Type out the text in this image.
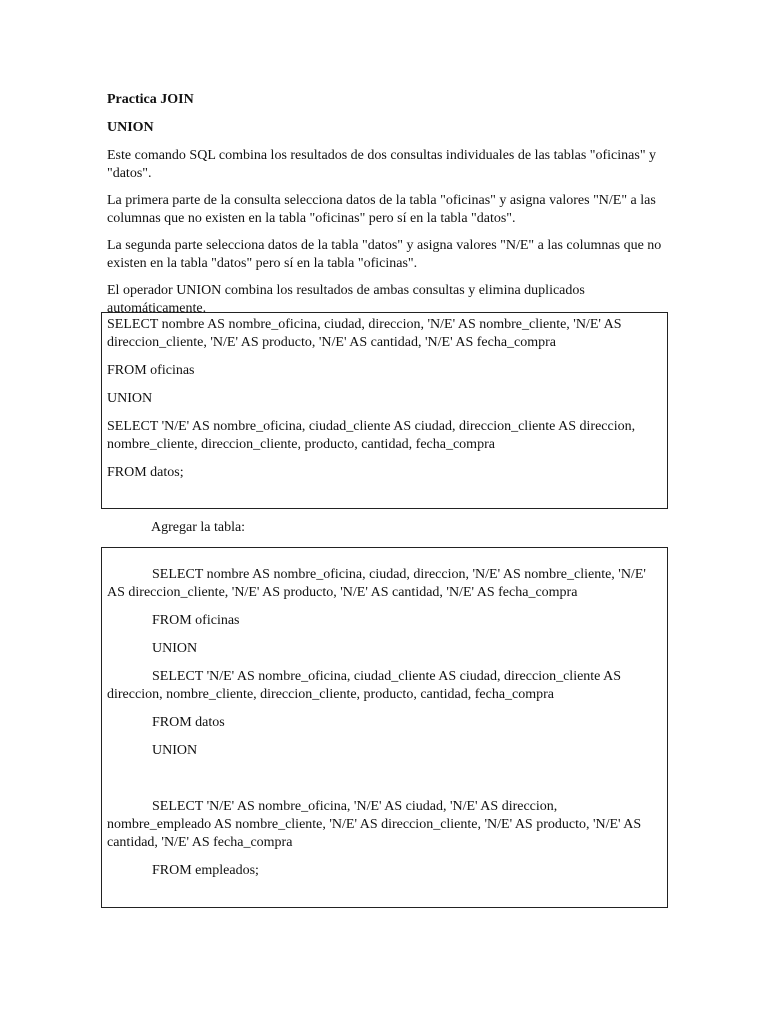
Practica JOIN

UNION

Este comando SQL combina los resultados de dos consultas individuales de las tablas "oficinas" y "datos".

La primera parte de la consulta selecciona datos de la tabla "oficinas" y asigna valores "N/E" a las columnas que no existen en la tabla "oficinas" pero sí en la tabla "datos".

La segunda parte selecciona datos de la tabla "datos" y asigna valores "N/E" a las columnas que no existen en la tabla "datos" pero sí en la tabla "oficinas".

El operador UNION combina los resultados de ambas consultas y elimina duplicados automáticamente.

SELECT nombre AS nombre_oficina, ciudad, direccion, 'N/E' AS nombre_cliente, 'N/E' AS direccion_cliente, 'N/E' AS producto, 'N/E' AS cantidad, 'N/E' AS fecha_compra

FROM oficinas

UNION

SELECT 'N/E' AS nombre_oficina, ciudad_cliente AS ciudad, direccion_cliente AS direccion, nombre_cliente, direccion_cliente, producto, cantidad, fecha_compra

FROM datos;

Agregar la tabla:

SELECT nombre AS nombre_oficina, ciudad, direccion, 'N/E' AS nombre_cliente, 'N/E' AS direccion_cliente, 'N/E' AS producto, 'N/E' AS cantidad, 'N/E' AS fecha_compra

FROM oficinas

UNION

SELECT 'N/E' AS nombre_oficina, ciudad_cliente AS ciudad, direccion_cliente AS direccion, nombre_cliente, direccion_cliente, producto, cantidad, fecha_compra

FROM datos

UNION

SELECT 'N/E' AS nombre_oficina, 'N/E' AS ciudad, 'N/E' AS direccion, nombre_empleado AS nombre_cliente, 'N/E' AS direccion_cliente, 'N/E' AS producto, 'N/E' AS cantidad, 'N/E' AS fecha_compra

FROM empleados;
